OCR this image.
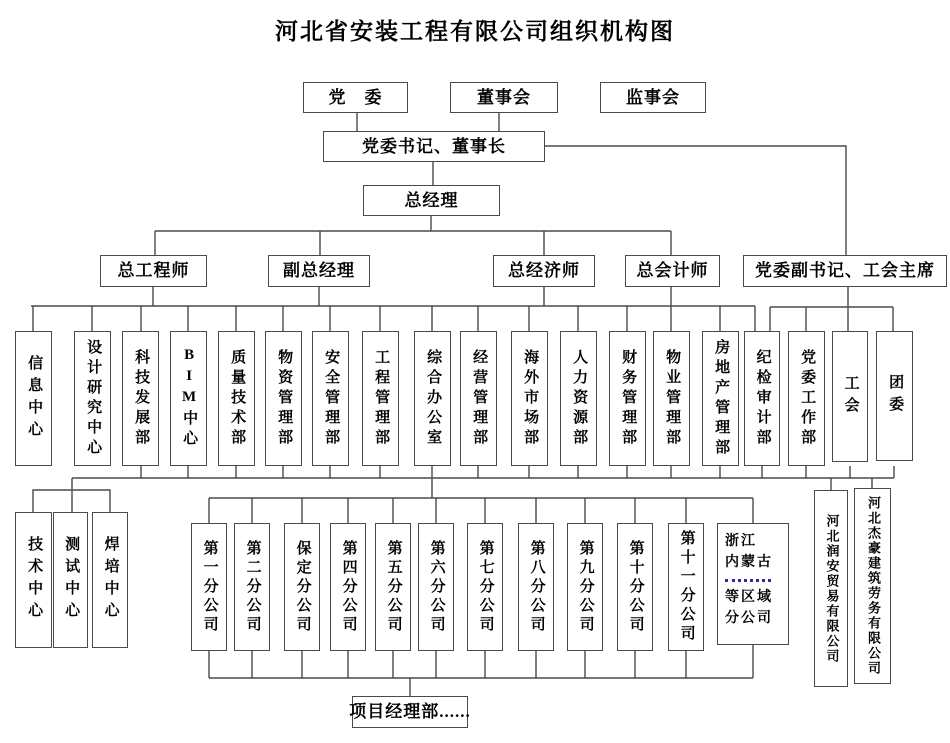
河北省安装工程有限公司组织机构图
党　委	董事会	监事会
党委书记、董事长
总经理
总工程师	副总经理	总经济师	总会计师	党委副书记、工会主席
信息中心	设计研究中心	科技发展部	BIM中心	质量技术部	物资管理部	安全管理部	工程管理部	综合办公室	经营管理部	海外市场部	人力资源部	财务管理部	物业管理部	房地产管理部	纪检审计部	党委工作部	工会	团委
技术中心	测试中心	焊培中心	第一分公司	第二分公司	保定分公司	第四分公司	第五分公司	第六分公司	第七分公司	第八分公司	第九分公司	第十分公司	第十一分公司	浙江
内蒙古
等区域
分公司	河北润安贸易有限公司	河北杰豪建筑劳务有限公司
项目经理部......
